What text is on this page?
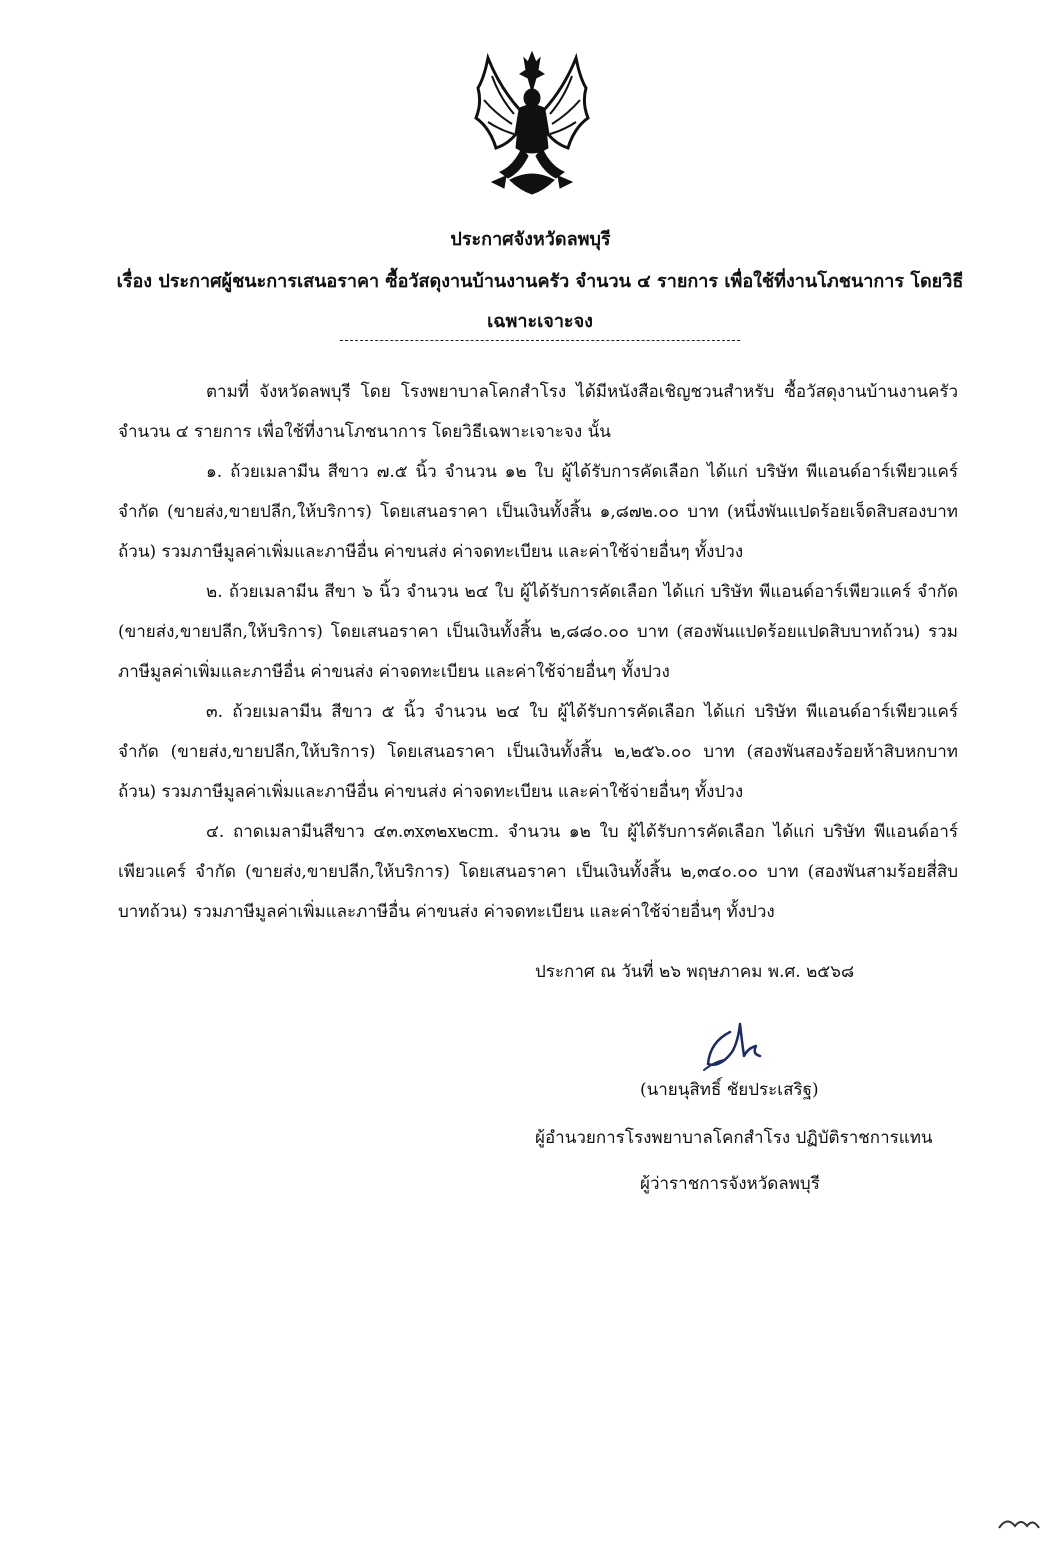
ประกาศจังหวัดลพบุรี
เรื่อง ประกาศผู้ชนะการเสนอราคา ซื้อวัสดุงานบ้านงานครัว จำนวน ๔ รายการ เพื่อใช้ที่งานโภชนาการ โดยวิธีเฉพาะเจาะจง

ตามที่ จังหวัดลพบุรี โดย โรงพยาบาลโคกสำโรง ได้มีหนังสือเชิญชวนสำหรับ ซื้อวัสดุงานบ้านงานครัว จำนวน ๔ รายการ เพื่อใช้ที่งานโภชนาการ โดยวิธีเฉพาะเจาะจง นั้น

๑. ถ้วยเมลามีน สีขาว ๗.๕ นิ้ว จำนวน ๑๒ ใบ ผู้ได้รับการคัดเลือก ได้แก่ บริษัท พีแอนด์อาร์เพียวแคร์ จำกัด (ขายส่ง,ขายปลีก,ให้บริการ) โดยเสนอราคา เป็นเงินทั้งสิ้น ๑,๘๗๒.๐๐ บาท (หนึ่งพันแปดร้อยเจ็ดสิบสองบาทถ้วน) รวมภาษีมูลค่าเพิ่มและภาษีอื่น ค่าขนส่ง ค่าจดทะเบียน และค่าใช้จ่ายอื่นๆ ทั้งปวง

๒. ถ้วยเมลามีน สีขา ๖ นิ้ว จำนวน ๒๔ ใบ ผู้ได้รับการคัดเลือก ได้แก่ บริษัท พีแอนด์อาร์เพียวแคร์ จำกัด (ขายส่ง,ขายปลีก,ให้บริการ) โดยเสนอราคา เป็นเงินทั้งสิ้น ๒,๘๘๐.๐๐ บาท (สองพันแปดร้อยแปดสิบบาทถ้วน) รวมภาษีมูลค่าเพิ่มและภาษีอื่น ค่าขนส่ง ค่าจดทะเบียน และค่าใช้จ่ายอื่นๆ ทั้งปวง

๓. ถ้วยเมลามีน สีขาว ๕ นิ้ว จำนวน ๒๔ ใบ ผู้ได้รับการคัดเลือก ได้แก่ บริษัท พีแอนด์อาร์เพียวแคร์ จำกัด (ขายส่ง,ขายปลีก,ให้บริการ) โดยเสนอราคา เป็นเงินทั้งสิ้น ๒,๒๕๖.๐๐ บาท (สองพันสองร้อยห้าสิบหกบาทถ้วน) รวมภาษีมูลค่าเพิ่มและภาษีอื่น ค่าขนส่ง ค่าจดทะเบียน และค่าใช้จ่ายอื่นๆ ทั้งปวง

๔. ถาดเมลามีนสีขาว ๔๓.๓x๓๒x๒cm. จำนวน ๑๒ ใบ ผู้ได้รับการคัดเลือก ได้แก่ บริษัท พีแอนด์อาร์เพียวแคร์ จำกัด (ขายส่ง,ขายปลีก,ให้บริการ) โดยเสนอราคา เป็นเงินทั้งสิ้น ๒,๓๔๐.๐๐ บาท (สองพันสามร้อยสี่สิบบาทถ้วน) รวมภาษีมูลค่าเพิ่มและภาษีอื่น ค่าขนส่ง ค่าจดทะเบียน และค่าใช้จ่ายอื่นๆ ทั้งปวง

ประกาศ ณ วันที่ ๒๖ พฤษภาคม พ.ศ. ๒๕๖๘
(นายนุสิทธิ์ ชัยประเสริฐ)
ผู้อำนวยการโรงพยาบาลโคกสำโรง ปฏิบัติราชการแทน
ผู้ว่าราชการจังหวัดลพบุรี
